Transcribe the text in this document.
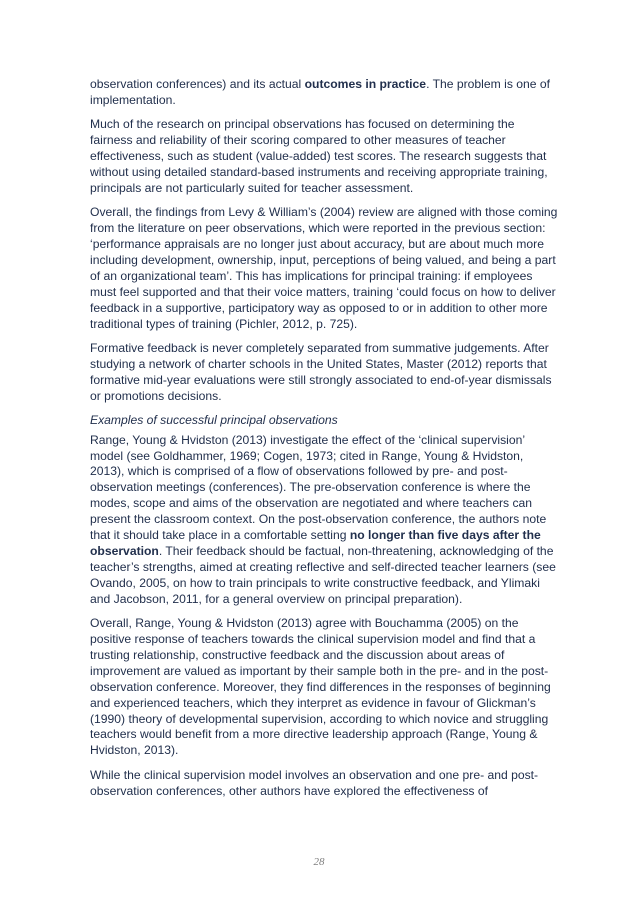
observation conferences) and its actual outcomes in practice. The problem is one of implementation.

Much of the research on principal observations has focused on determining the fairness and reliability of their scoring compared to other measures of teacher effectiveness, such as student (value-added) test scores. The research suggests that without using detailed standard-based instruments and receiving appropriate training, principals are not particularly suited for teacher assessment.

Overall, the findings from Levy & William’s (2004) review are aligned with those coming from the literature on peer observations, which were reported in the previous section: ‘performance appraisals are no longer just about accuracy, but are about much more including development, ownership, input, perceptions of being valued, and being a part of an organizational team’. This has implications for principal training: if employees must feel supported and that their voice matters, training ‘could focus on how to deliver feedback in a supportive, participatory way as opposed to or in addition to other more traditional types of training (Pichler, 2012, p. 725).

Formative feedback is never completely separated from summative judgements. After studying a network of charter schools in the United States, Master (2012) reports that formative mid-year evaluations were still strongly associated to end-of-year dismissals or promotions decisions.

Examples of successful principal observations

Range, Young & Hvidston (2013) investigate the effect of the ‘clinical supervision’ model (see Goldhammer, 1969; Cogen, 1973; cited in Range, Young & Hvidston, 2013), which is comprised of a flow of observations followed by pre- and post-observation meetings (conferences). The pre-observation conference is where the modes, scope and aims of the observation are negotiated and where teachers can present the classroom context. On the post-observation conference, the authors note that it should take place in a comfortable setting no longer than five days after the observation. Their feedback should be factual, non-threatening, acknowledging of the teacher’s strengths, aimed at creating reflective and self-directed teacher learners (see Ovando, 2005, on how to train principals to write constructive feedback, and Ylimaki and Jacobson, 2011, for a general overview on principal preparation).

Overall, Range, Young & Hvidston (2013) agree with Bouchamma (2005) on the positive response of teachers towards the clinical supervision model and find that a trusting relationship, constructive feedback and the discussion about areas of improvement are valued as important by their sample both in the pre- and in the post-observation conference. Moreover, they find differences in the responses of beginning and experienced teachers, which they interpret as evidence in favour of Glickman’s (1990) theory of developmental supervision, according to which novice and struggling teachers would benefit from a more directive leadership approach (Range, Young & Hvidston, 2013).

While the clinical supervision model involves an observation and one pre- and post-observation conferences, other authors have explored the effectiveness of

28
